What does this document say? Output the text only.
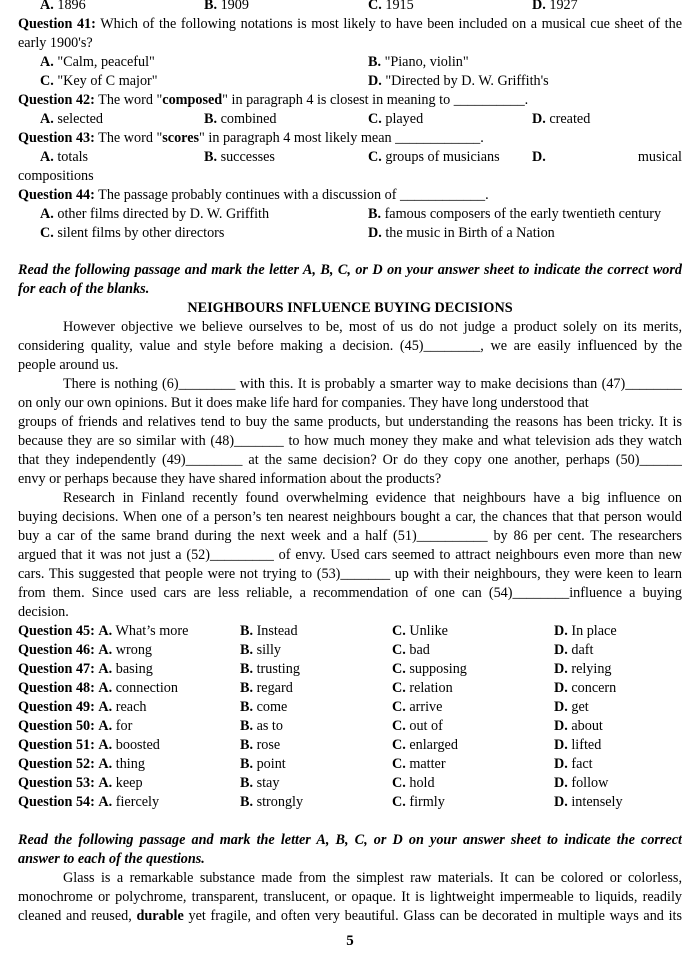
A. 1896	B. 1909	C. 1915	D. 1927
Question 41: Which of the following notations is most likely to have been included on a musical cue sheet of the
early 1900's?
A. "Calm, peaceful"	B. "Piano, violin"
C. "Key of C major"	D. "Directed by D. W. Griffith's
Question 42: The word "composed" in paragraph 4 is closest in meaning to __________.
A. selected	B. combined	C. played	D. created
Question 43: The word "scores" in paragraph 4 most likely mean ____________.
A. totals	B. successes	C. groups of musicians D.	musical
compositions
Question 44: The passage probably continues with a discussion of ____________.
A. other films directed by D. W. Griffith	B. famous composers of the early twentieth century
C. silent films by other directors	D. the music in Birth of a Nation
Read the following passage and mark the letter A, B, C, or D on your answer sheet to indicate the correct word
for each of the blanks.
NEIGHBOURS INFLUENCE BUYING DECISIONS
However objective we believe ourselves to be, most of us do not judge a product solely on its merits,
considering quality, value and style before making a decision. (45)________, we are easily influenced by the
people around us.
There is nothing (6)________ with this. It is probably a smarter way to make decisions than (47)________
on only our own opinions. But it does make life hard for companies. They have long understood that
groups of friends and relatives tend to buy the same products, but understanding the reasons has been tricky. It is
because they are so similar with (48)_______ to how much money they make and what television ads they watch
that they independently (49)________ at the same decision? Or do they copy one another, perhaps (50)______
envy or perhaps because they have shared information about the products?
Research in Finland recently found overwhelming evidence that neighbours have a big influence on
buying decisions. When one of a person’s ten nearest neighbours bought a car, the chances that that person would
buy a car of the same brand during the next week and a half (51)__________ by 86 per cent. The researchers
argued that it was not just a (52)_________ of envy. Used cars seemed to attract neighbours even more than new
cars. This suggested that people were not trying to (53)_______ up with their neighbours, they were keen to learn
from them. Since used cars are less reliable, a recommendation of one can (54)________influence a buying
decision.
Question 45: A. What’s more	B. Instead	C. Unlike	D. In place
Question 46: A. wrong	B. silly	C. bad	D. daft
Question 47: A. basing	B. trusting	C. supposing	D. relying
Question 48: A. connection	B. regard	C. relation	D. concern
Question 49: A. reach	B. come	C. arrive	D. get
Question 50: A. for	B. as to	C. out of	D. about
Question 51: A. boosted	B. rose	C. enlarged	D. lifted
Question 52: A. thing	B. point	C. matter	D. fact
Question 53: A. keep	B. stay	C. hold	D. follow
Question 54: A. fiercely	B. strongly	C. firmly	D. intensely
Read the following passage and mark the letter A, B, C, or D on your answer sheet to indicate the correct
answer to each of the questions.
Glass is a remarkable substance made from the simplest raw materials. It can be colored or colorless,
monochrome or polychrome, transparent, translucent, or opaque. It is lightweight impermeable to liquids, readily
cleaned and reused, durable yet fragile, and often very beautiful. Glass can be decorated in multiple ways and its
5
